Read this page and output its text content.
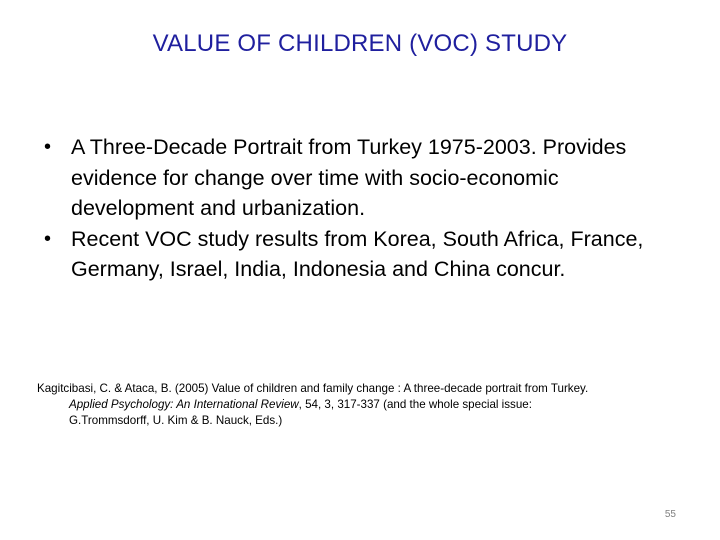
VALUE OF CHILDREN (VOC) STUDY
• A Three-Decade Portrait from Turkey 1975-2003. Provides evidence for change over time with socio-economic development and urbanization.
• Recent VOC study results from Korea, South Africa, France, Germany, Israel, India, Indonesia and China concur.
Kagitcibasi, C. & Ataca, B. (2005) Value of children and family change : A three-decade portrait from Turkey.
Applied Psychology: An International Review, 54, 3, 317-337 (and the whole special issue:
G.Trommsdorff, U. Kim & B. Nauck, Eds.)
55
